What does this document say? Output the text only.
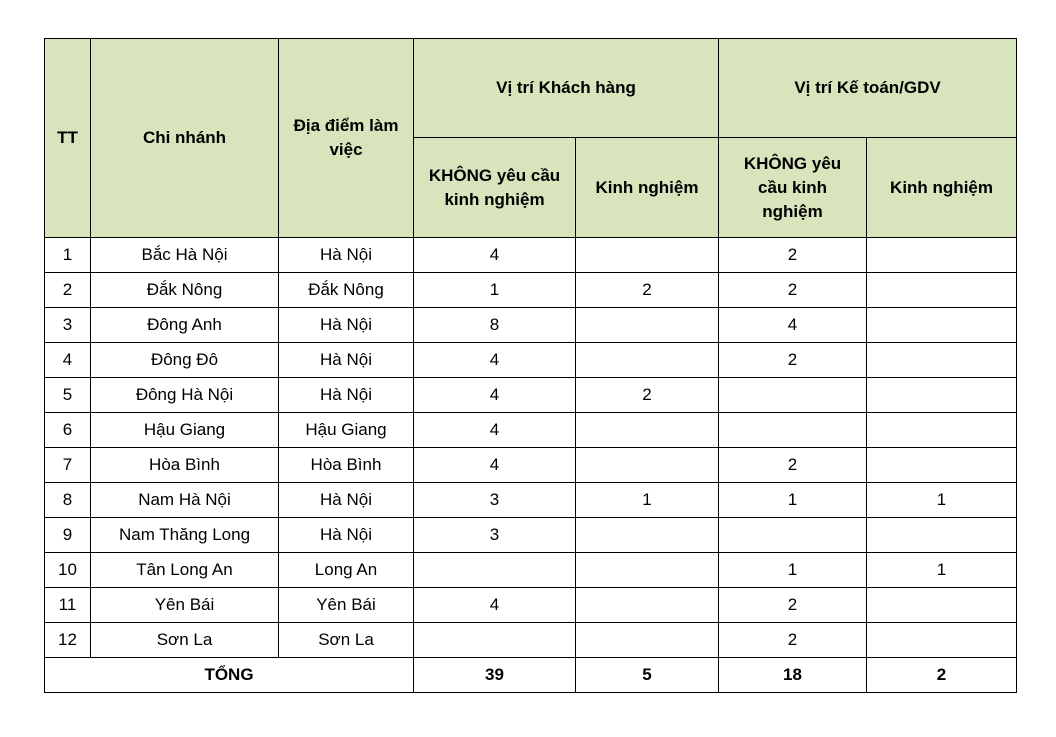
TT	Chi nhánh	Địa điểm làm việc	Vị trí Khách hàng		Vị trí Kế toán/GDV	
			KHÔNG yêu cầu kinh nghiệm	Kinh nghiệm	KHÔNG yêu cầu kinh nghiệm	Kinh nghiệm
1	Bắc Hà Nội	Hà Nội	4		2	
2	Đắk Nông	Đắk Nông	1	2	2	
3	Đông Anh	Hà Nội	8		4	
4	Đông Đô	Hà Nội	4		2	
5	Đông Hà Nội	Hà Nội	4	2		
6	Hậu Giang	Hậu Giang	4			
7	Hòa Bình	Hòa Bình	4		2	
8	Nam Hà Nội	Hà Nội	3	1	1	1
9	Nam Thăng Long	Hà Nội	3			
10	Tân Long An	Long An			1	1
11	Yên Bái	Yên Bái	4		2	
12	Sơn La	Sơn La			2	
TỔNG			39	5	18	2
